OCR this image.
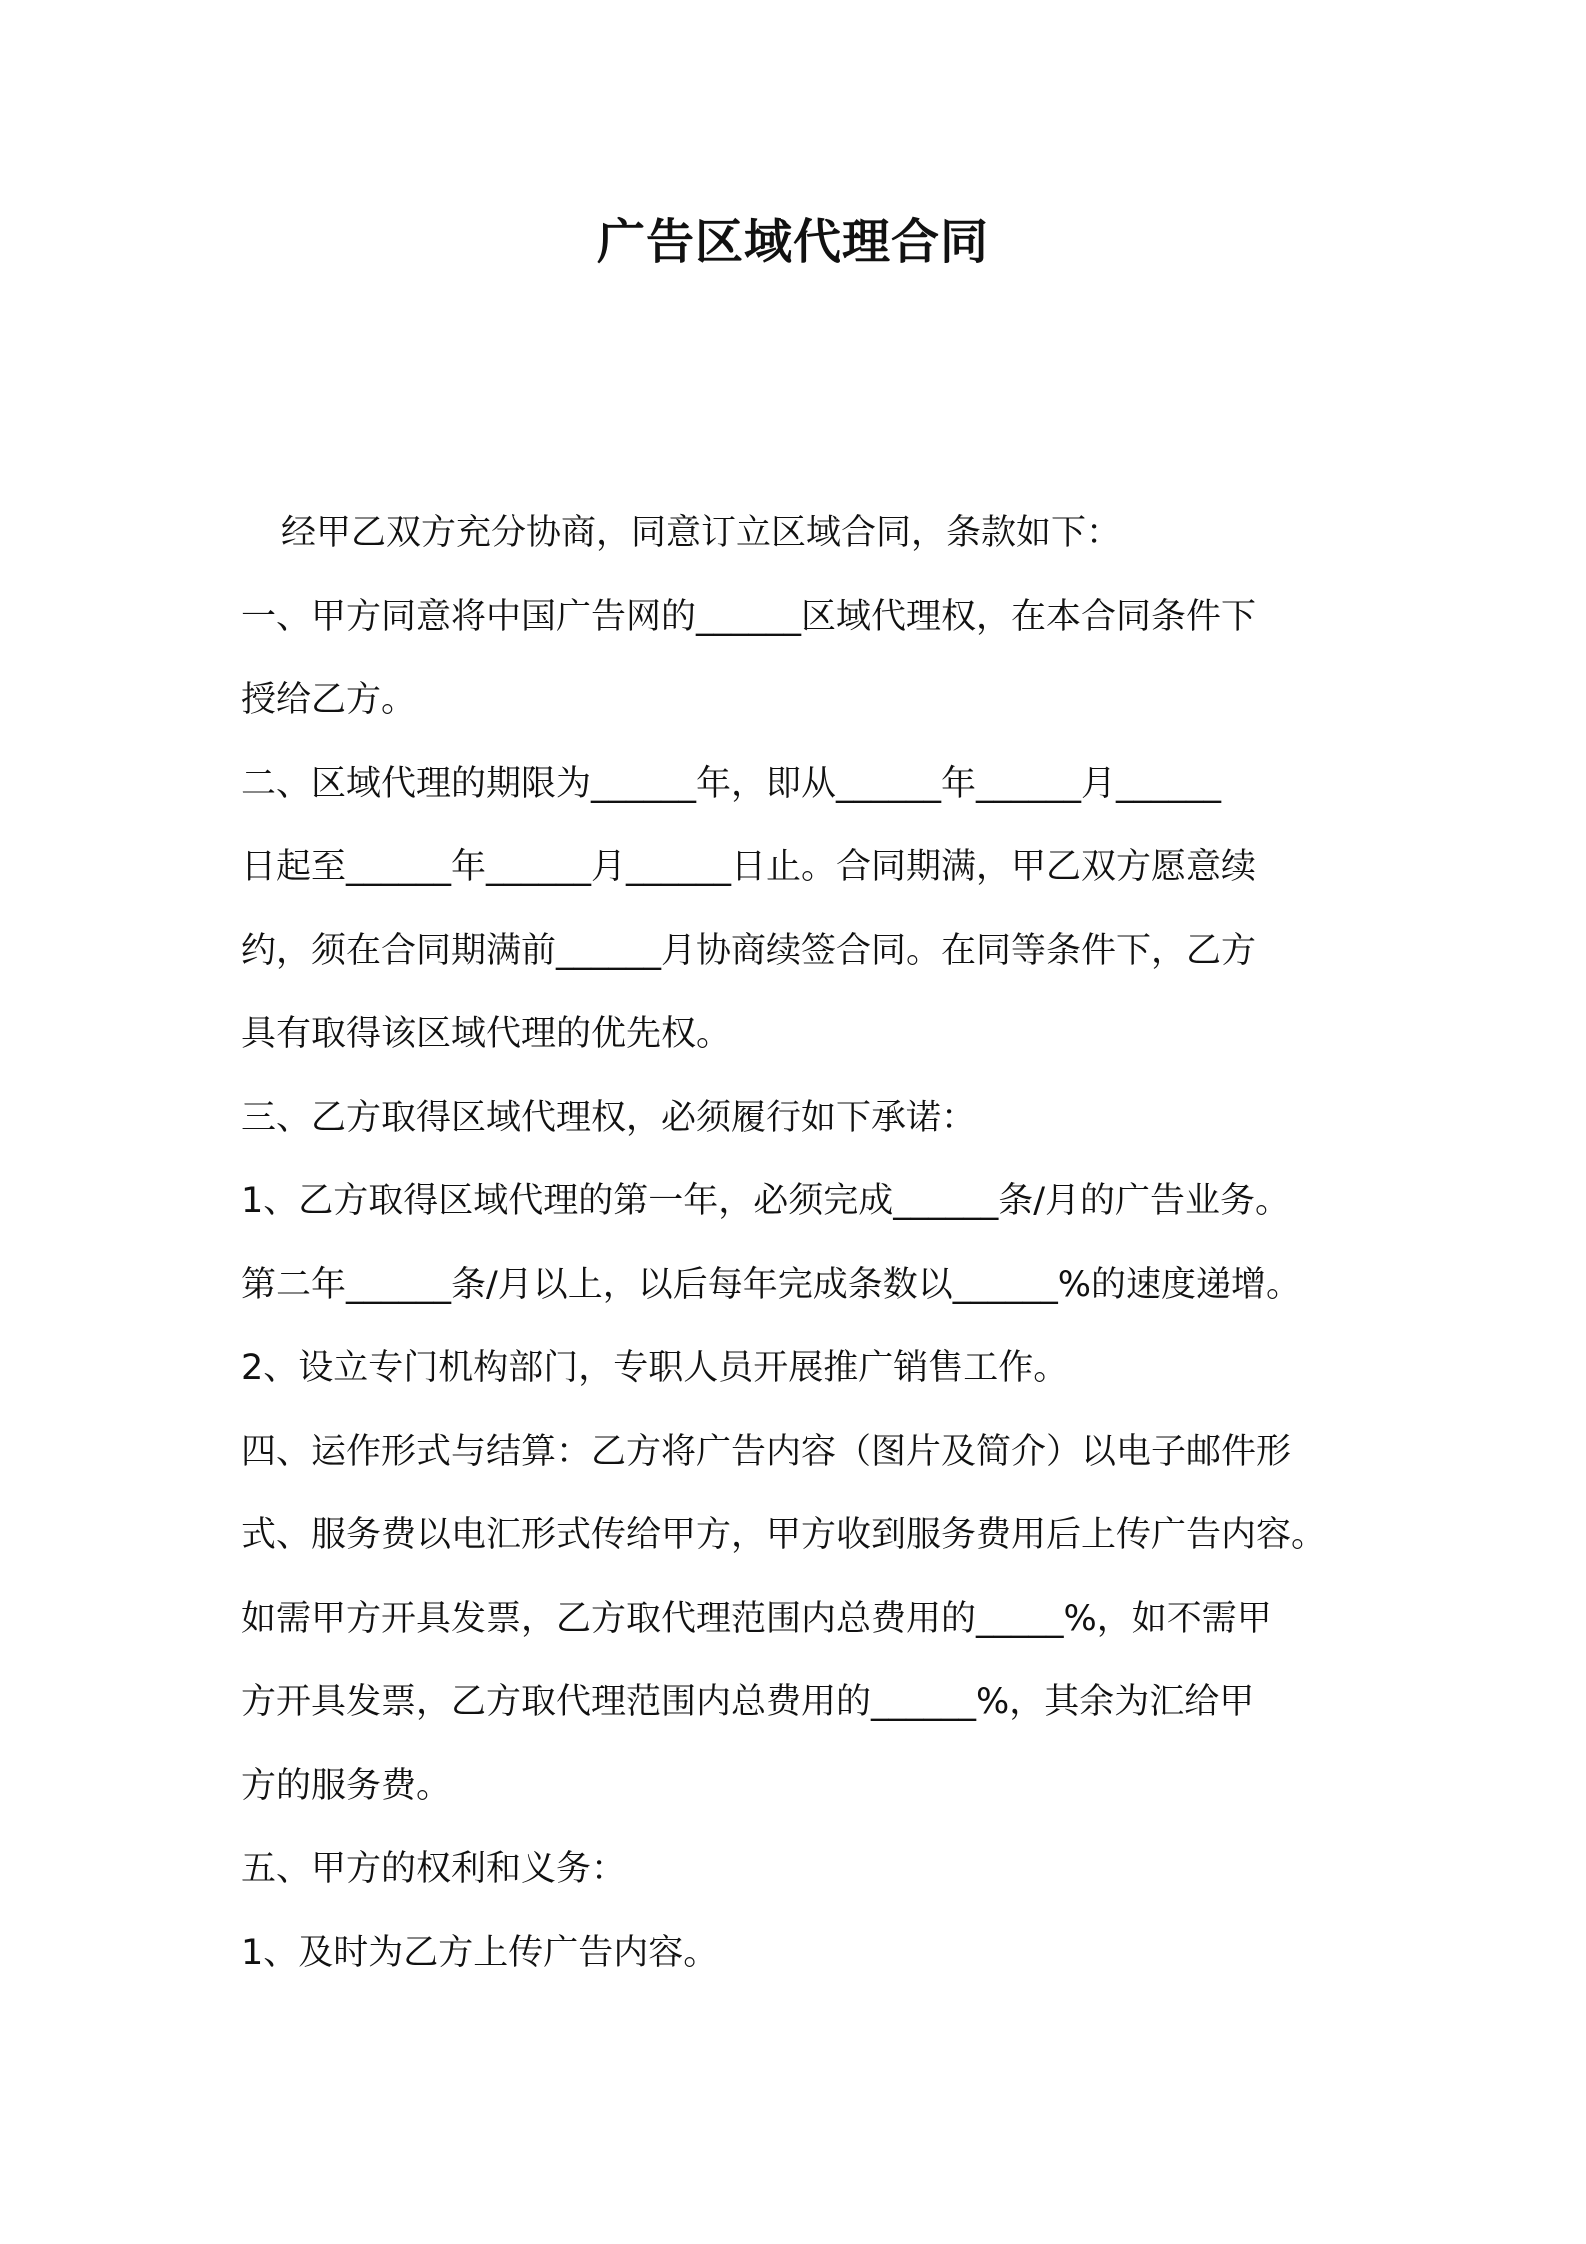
广告区域代理合同
经甲乙双方充分协商，同意订立区域合同，条款如下：
一、甲方同意将中国广告网的______区域代理权，在本合同条件下
授给乙方。
二、区域代理的期限为______年，即从______年______月______
日起至______年______月______日止。合同期满，甲乙双方愿意续
约，须在合同期满前______月协商续签合同。在同等条件下，乙方
具有取得该区域代理的优先权。
三、乙方取得区域代理权，必须履行如下承诺：
1、乙方取得区域代理的第一年，必须完成______条/月的广告业务。
第二年______条/月以上，以后每年完成条数以______%的速度递增。
2、设立专门机构部门，专职人员开展推广销售工作。
四、运作形式与结算：乙方将广告内容（图片及简介）以电子邮件形
式、服务费以电汇形式传给甲方，甲方收到服务费用后上传广告内容。
如需甲方开具发票，乙方取代理范围内总费用的_____%，如不需甲
方开具发票，乙方取代理范围内总费用的______%，其余为汇给甲
方的服务费。
五、甲方的权利和义务：
1、及时为乙方上传广告内容。
